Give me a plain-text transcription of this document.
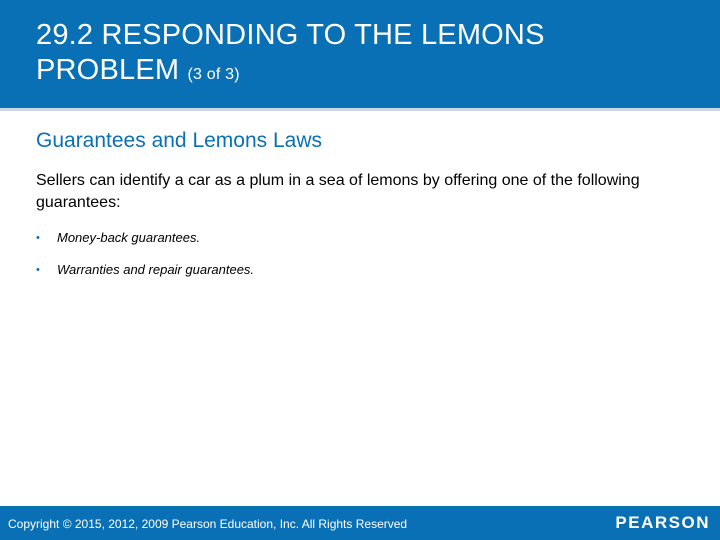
29.2 RESPONDING TO THE LEMONS PROBLEM (3 of 3)
Guarantees and Lemons Laws
Sellers can identify a car as a plum in a sea of lemons by offering one of the following guarantees:
• Money-back guarantees.
• Warranties and repair guarantees.
Copyright © 2015, 2012, 2009 Pearson Education, Inc. All Rights Reserved	PEARSON
